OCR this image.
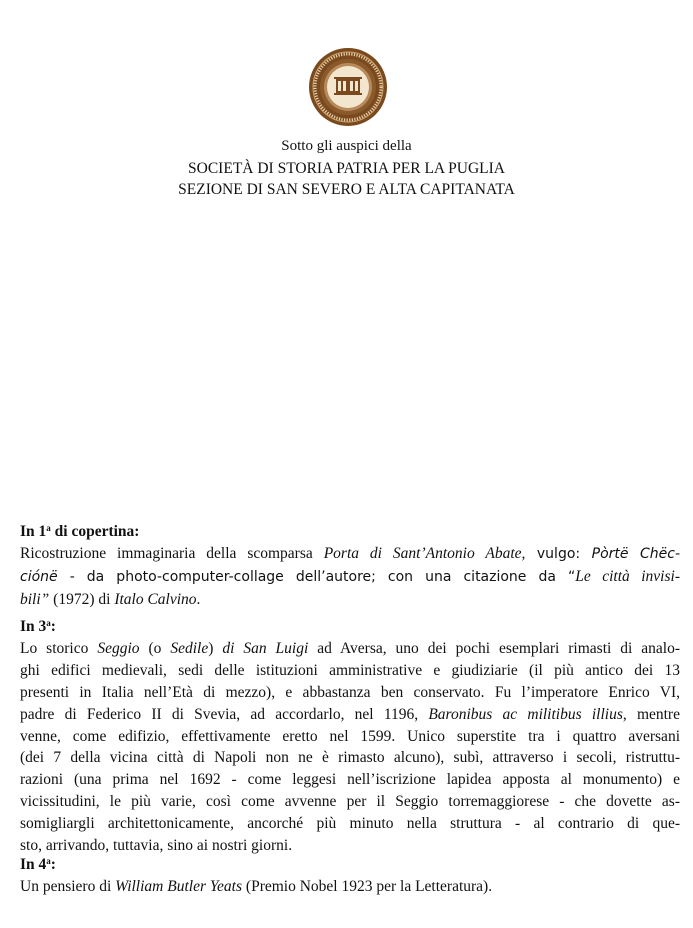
Sotto gli auspici della
SOCIETÀ DI STORIA PATRIA PER LA PUGLIA
SEZIONE DI SAN SEVERO E ALTA CAPITANATA
In 1$^a$ di copertina:
Ricostruzione immaginaria della scomparsa Porta di Sant’Antonio Abate, vulgo: Pòrtë Chëc-
ciónë - da photo-computer-collage dell’autore; con una citazione da “Le città invisi-
bili” (1972) di Italo Calvino.
In 3$^a$:
Lo storico Seggio (o Sedile) di San Luigi ad Aversa, uno dei pochi esemplari rimasti di analo-
ghi edifici medievali, sedi delle istituzioni amministrative e giudiziarie (il più antico dei 13
presenti in Italia nell’Età di mezzo), e abbastanza ben conservato. Fu l’imperatore Enrico VI,
padre di Federico II di Svevia, ad accordarlo, nel 1196, Baronibus ac militibus illius, mentre
venne, come edifizio, effettivamente eretto nel 1599. Unico superstite tra i quattro aversani
(dei 7 della vicina città di Napoli non ne è rimasto alcuno), subì, attraverso i secoli, ristruttu-
razioni (una prima nel 1692 - come leggesi nell’iscrizione lapidea apposta al monumento) e
vicissitudini, le più varie, così come avvenne per il Seggio torremaggiorese - che dovette as-
somigliargli architettonicamente, ancorché più minuto nella struttura - al contrario di que-
sto, arrivando, tuttavia, sino ai nostri giorni.
In 4$^a$:
Un pensiero di William Butler Yeats (Premio Nobel 1923 per la Letteratura).
